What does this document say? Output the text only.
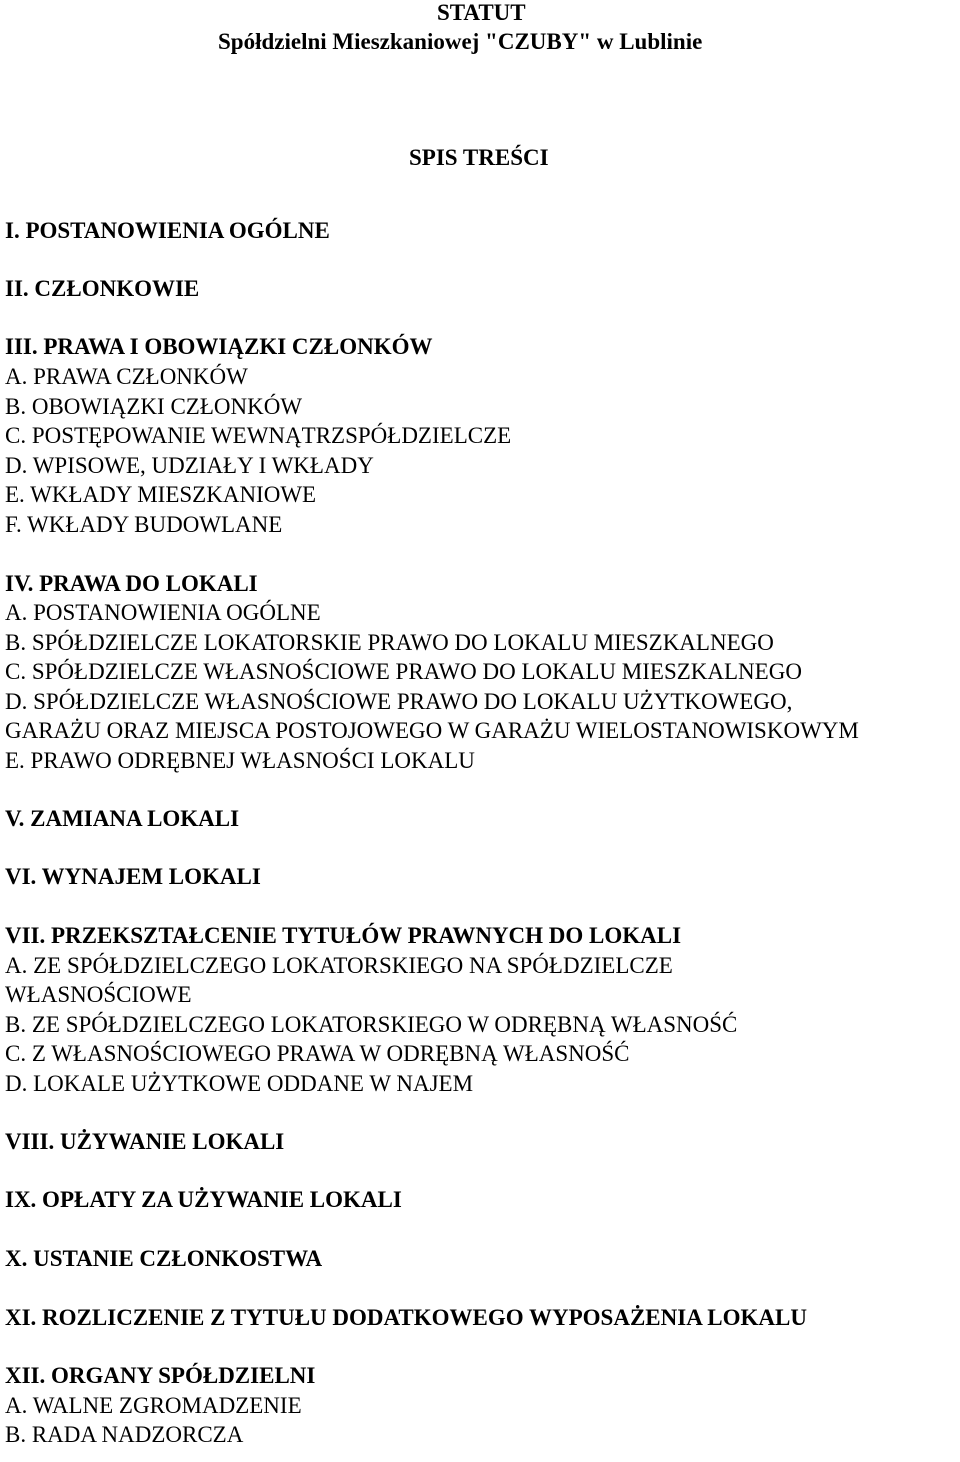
STATUT
Spółdzielni Mieszkaniowej "CZUBY" w Lublinie
SPIS TREŚCI
I. POSTANOWIENIA OGÓLNE
II. CZŁONKOWIE
III. PRAWA I OBOWIĄZKI CZŁONKÓW
A. PRAWA CZŁONKÓW
B. OBOWIĄZKI CZŁONKÓW
C. POSTĘPOWANIE WEWNĄTRZSPÓŁDZIELCZE
D. WPISOWE, UDZIAŁY I WKŁADY
E. WKŁADY MIESZKANIOWE
F. WKŁADY BUDOWLANE
IV. PRAWA DO LOKALI
A. POSTANOWIENIA OGÓLNE
B. SPÓŁDZIELCZE LOKATORSKIE PRAWO DO LOKALU MIESZKALNEGO
C. SPÓŁDZIELCZE WŁASNOŚCIOWE PRAWO DO LOKALU MIESZKALNEGO
D. SPÓŁDZIELCZE WŁASNOŚCIOWE PRAWO DO LOKALU UŻYTKOWEGO,
GARAŻU ORAZ MIEJSCA POSTOJOWEGO W GARAŻU WIELOSTANOWISKOWYM
E. PRAWO ODRĘBNEJ WŁASNOŚCI LOKALU
V. ZAMIANA LOKALI
VI. WYNAJEM LOKALI
VII. PRZEKSZTAŁCENIE TYTUŁÓW PRAWNYCH DO LOKALI
A. ZE SPÓŁDZIELCZEGO LOKATORSKIEGO NA SPÓŁDZIELCZE
WŁASNOŚCIOWE
B. ZE SPÓŁDZIELCZEGO LOKATORSKIEGO W ODRĘBNĄ WŁASNOŚĆ
C. Z WŁASNOŚCIOWEGO PRAWA W ODRĘBNĄ WŁASNOŚĆ
D. LOKALE UŻYTKOWE ODDANE W NAJEM
VIII. UŻYWANIE LOKALI
IX. OPŁATY ZA UŻYWANIE LOKALI
X. USTANIE CZŁONKOSTWA
XI. ROZLICZENIE Z TYTUŁU DODATKOWEGO WYPOSAŻENIA LOKALU
XII. ORGANY SPÓŁDZIELNI
A. WALNE ZGROMADZENIE
B. RADA NADZORCZA
